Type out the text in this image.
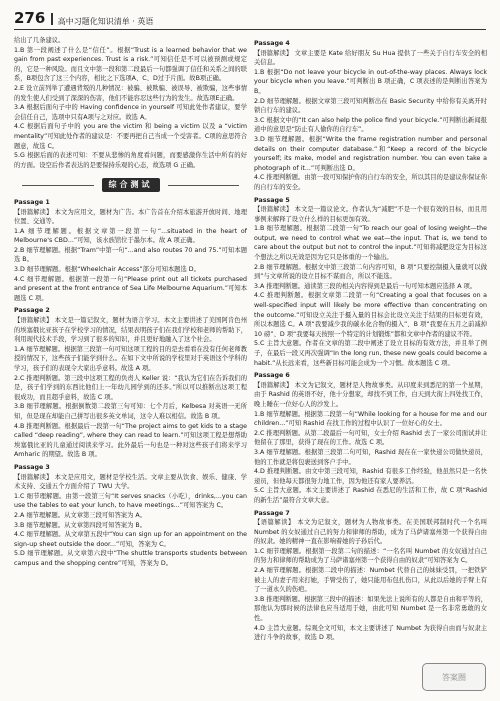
276 高中习题化知识清单 · 英语

给出了几条建议。

1.B 第一段阐述了什么是“信任”。根据“Trust is a learned behavior that we gain from past experiences. Trust is a risk.”可知信任是不可以被预测或规定的，它是一种风险。而且文中第一段和第二段最后一句都强调了信任和关系之间的联系，B项包含了这三个内容，相比之下选项A、C、D过于片面。故B项正确。

2.E 设立前列举了遭遇背叛的几种情况：被骗、被欺骗、被误导、被欺骗，这些事情的发生使人们受到了深深的伤害，他们不能容忍这些行为的发生。故选项E正确。

3.A 根据后面句子中的 Having confidence in yourself 可知此处作者建议，要学会信任自己，选项中只有A项与之对应。故选 A。

4.C 根据后面句子中的 you are the victim 和 being a victim 以及 a “victim mentality”可知此处作者的建议是：不要再把自己当成一个受害者。C项的意思符合题意，故选 C。

5.G 根据后面的表述可知：不要从悲惨的角度看问题，而要感激你生活中所有的好的方面。设空后作者表达的是要保持乐观的心态，故选项 G 正确。

综合测试

Passage 1

【语篇解读】 本文为应用文，题材为广告。本广告首在介绍本旅游开放时间、地理位置、交通等。

1.A 细节理解题。根据文章第一段第一句“...situated in the heart of Melbourne's CBD...”可知，该水族馆位于墨尔本。故 A 项正确。

2.B 细节理解题。根据“Tram”中第一句“...and also routes 70 and 75.”可知本题选 B。

3.D 细节理解题。根据“Wheelchair Access”部分可知本题选 D。

4.C 细节理解题。根据第一段第一句“Please print out all tickets purchased and present at the front entrance of Sea Life Melbourne Aquarium.”可知本题选 C 项。

Passage 2

【语篇解读】 本文是一篇记叙文，题材为语言学习。本文主要讲述了美国阿肯色州的埃塞俄比亚孩子在学校学习的情况，结果表明孩子们在我们学校和老师的帮助下，利用现代技术手段，学习到了很多的知识，并且更好地融入了这个社会。

1.A 细节理解题。根据第三段第一句可知这项工程的目的是去看看在没有任何老师教授的情况下，这些孩子们能学到什么。在如下文中所说的学校里对于英语这个学科的学习，孩子们的表现令大家出乎意料。故选 A 项。

2.C 推理判断题。第三段中这项工程的负责人 Keller 说：“我认为它们在告诉我们的是，孩子们学到的东西比他们上一年幼儿园学到的还多。”所以可以推断出这项工程很成功，而且超乎意料，故选 C 项。

3.B 细节理解题。根据倒数第二段第三句可知：七个月后，Kelbesa 对英语一无所知，但是现在却能自己拼写出很多英文单词，这令人难以相信。故选 B 项。

4.B 推理判断题。根据最后一段第一句“The project aims to get kids to a stage called “deep reading”, where they can read to learn.”可知这项工程是想帮助埃塞俄比亚的儿童通过阅读来学习。此外最后一句也是一种对这些孩子们将来学习 Amharic 的期望。故选 B 项。

Passage 3

【语篇解读】 本文是应用文，题材是学校生活。文章主要从饮食、娱乐、健康、学术支持、交通五个方面介绍了 TWU 大学。

1.C 细节理解题。由第一段第三句“It serves snacks（小吃），drinks,...you can use the tables to eat your lunch, to have meetings...”可知答案为 C。

2.A 细节理解题。从文章第三段可知答案为 A。

3.B 细节理解题。从文章第四段可知答案为 B。

4.C 细节理解题。从文章第五段中“You can sign up for an appointment on the sign-up sheet outside the door...”可知，答案为 C。

5.D 细节理解题。从文章第六段中“The shuttle transports students between campus and the shopping centre”可知，答案为 D。

Passage 4

【语篇解读】 文章主要是 Kate 给好朋友 Su Hua 提供了一些关于自行车安全的相关信息。

1.B 根据“Do not leave your bicycle in out-of-the-way places. Always lock your bicycle when you leave.”可判断出 B 项正确，C 项表述的是判断出答案为 B。

2.D 细节理解题。根据文章第三段可知判断出在 Basic Security 中给你有关离开时锁自行车的建议。

3.C 根据文中的“It can also help the police find your bicycle.”可判断出新闻报道中的意思是“防止有人偷你的自行车”。

3.D 细节理解题。根据“Write the frame registration number and personal details on their computer database.”和“Keep a record of the bicycle yourself; its make, model and registration number. You can even take a photograph of it...”可判断出选 D。

4.C 推理判断题。由第一段可知保护你的自行车的安全，所以其目的是建议你保证你的自行车的安全。

Passage 5

【语篇解读】 本文是一篇议论文。作者认为“减肥”不是一个很有效的目标，而且用事例来解释了设立什么样的目标更加有效。

1.B 细节理解题。根据第二段第一句“To reach our goal of losing weight—the output, we need to control what we eat—the input. That is, we tend to care about the output but not to control the input.”可知将减肥设定为目标这个想法之所以无效是因为它只是体重的一个输出。

2.B 细节理解题。根据文中第三段第二句内容可知，B 项“只要控制摄入量就可以做到”与文章所说的设立目标不谋而合，所以不能选。

3.A 推理判断题。通读第三段的相关内容得到是最后一句可知本题应选择 A 项。

4.C 推理判断题。根据文章第二段第一句“Creating a goal that focuses on a well-specified input will likely be more effective than concentrating on the outcome.”可知设立关注于摄入量的目标会比设立关注于结果的目标更有效，所以本题选 C。A 项“我要减少我的碳水化合物的摄入”、B 项“我要在五月之前减掉 10 磅”、D 项“我要每天按照一个特定的计划锻炼”都和文章中作者的建议不符。

5.C 主旨大意题。作者在文章的第二段中阐述了设立目标的有效方法，并且举了例子，在最后一段又再次强调“In the long run, these new goals could become a habit.”从长远来看，这些新目标可能会成为一个习惯。故本题选 C 项。

Passage 6

【语篇解读】 本文为记叙文，题材是人物故事类。从印度来到悉尼的第一个星期，由于 Rashid 的英语不好，他十分想家，却找不到工作，白天到大街上四处找工作，晚上睡在一位好心人的沙发上。

1.B 细节理解题。根据第二段第一句“While looking for a house for me and our children...”可知 Rashid 在找工作的过程中认识了一位好心的女士。

2.C 推理判断题。从第二段最后一句可知，女士介绍 Rashid 去了一家公司面试并让他留在了那里，获得了现在的工作。故选 C 项。

3.A 细节理解题。根据第三段第二句可知，Rashid 现在在一家快递公司做快递员，他的工作就是将包裹送到客户手中。

4.D 推理判断题。由文中第三段可知，Rashid 有很多工作经验，他虽然只是一名快递员，但他每天都很努力地工作，因为他还有家人要养活。

5.C 主旨大意题。本文主要讲述了 Rashid 在悉尼的生活和工作，故 C 项“Rashid 的新生活”最符合文章大意。

Passage 7

【语篇解读】 本文为记叙文，题材为人物故事类。在美国联邦制时代一个名叫 Numbet 的女奴通过自己的努力和律师的帮助，成为了马萨诸塞州第一个获得自由的奴隶。她的精神一直在影响着她的子孙后代。

1.C 细节理解题。根据第一段第二句的描述：“一名名叫 Numbet 的女奴通过自己的努力和律师的帮助成为了马萨诸塞州第一个获得自由的奴隶”可知答案为 C。

2.A 细节理解题。根据第二段中的描述：Numbet 代替自己的妹妹受罚，一把铁铲被主人的妻子用来打她，手臂受伤了，她只能用布包扎伤口，从此以后她的手臂上有了一道永久的伤疤。

3.B 推理判断题。根据第三段中的描述：如果先法上说所有的人都是自由和平等的，那他认为那时候的法律也应当适用于她，由此可知 Numbet 是一名非常勇敢的女性。

4.D 主旨大意题。综观全文可知，本文主要讲述了 Numbet 为获得自由而与奴隶主进行斗争的故事，故选 D 项。

答案圈
